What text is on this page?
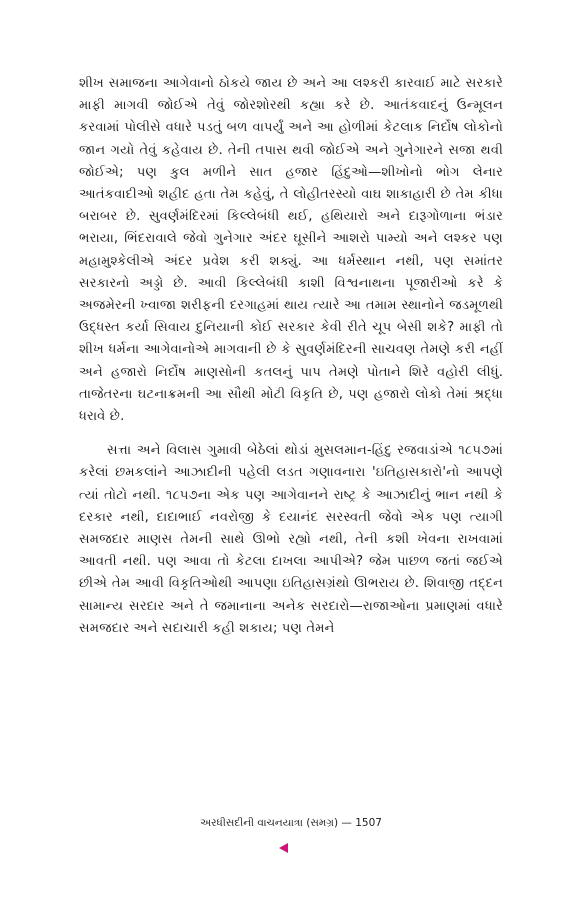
શીખ સમાજના આગેવાનો ઠોકયે જાય છે અને આ લશ્કરી કારવાઈ માટે સરકારે માફી માગવી જોઈએ તેવું જોરશોરથી કહ્યા કરે છે. આતંકવાદનું ઉન્મૂલન કરવામાં પોલીસે વધારે પડતું બળ વાપર્યું અને આ હોળીમાં કેટલાક નિર્દોષ લોકોનો જાન ગયો તેવું કહેવાય છે. તેની તપાસ થવી જોઈએ અને ગુનેગારને સજા થવી જોઈએ; પણ કુલ મળીને સાત હજાર હિંદુઓ—શીખોનો ભોગ લેનાર આતંકવાદીઓ શહીદ હતા તેમ કહેવું, તે લોહીતરસ્યો વાઘ શાકાહારી છે તેમ કીધા બરાબર છે. સુવર્ણમંદિરમાં કિલ્લેબંધી થઈ, હથિયારો અને દારૂગોળાના ભંડાર ભરાયા, ભિંદરાવાલે જેવો ગુનેગાર અંદર ઘૂસીને આશરો પામ્યો અને લશ્કર પણ મહામુશ્કેલીએ અંદર પ્રવેશ કરી શક્યું. આ ધર્મસ્થાન નથી, પણ સમાંતર સરકારનો અડ્ડો છે. આવી કિલ્લેબંધી કાશી વિશ્વનાથના પૂજારીઓ કરે કે અજમેરની ખ્વાજા શરીફની દરગાહમાં થાય ત્યારે આ તમામ સ્થાનોને જડમૂળથી ઉદ્ધસ્ત કર્યા સિવાય દુનિયાની કોઈ સરકાર કેવી રીતે ચૂપ બેસી શકે? માફી તો શીખ ધર્મના આગેવાનોએ માગવાની છે કે સુવર્ણમંદિરની સાચવણ તેમણે કરી નહીં અને હજારો નિર્દોષ માણસોની કતલનું પાપ તેમણે પોતાને શિરે વહોરી લીધું. તાજેતરના ઘટનાક્રમની આ સૌથી મોટી વિકૃતિ છે, પણ હજારો લોકો તેમાં શ્રદ્ધા ધરાવે છે.

સત્તા અને વિલાસ ગુમાવી બેઠેલાં થોડાં મુસલમાન-હિંદુ રજવાડાંએ ૧૮૫૭માં કરેલાં છમકલાંને આઝાદીની પહેલી લડત ગણાવનારા 'ઇતિહાસકારો'નો આપણે ત્યાં તોટો નથી. ૧૮૫૭ના એક પણ આગેવાનને રાષ્ટ્ર કે આઝાદીનું ભાન નથી કે દરકાર નથી, દાદાભાઈ નવરોજી કે દયાનંદ સરસ્વતી જેવો એક પણ ત્યાગી સમજદાર માણસ તેમની સાથે ઊભો રહ્યો નથી, તેની કશી ખેવના રાખવામાં આવતી નથી. પણ આવા તો કેટલા દાખલા આપીએ? જેમ પાછળ જતાં જઈએ છીએ તેમ આવી વિકૃતિઓથી આપણા ઇતિહાસગ્રંથો ઊભરાય છે. શિવાજી તદ્દન સામાન્ય સરદાર અને તે જમાનાના અનેક સરદારો—રાજાઓના પ્રમાણમાં વધારે સમજદાર અને સદાચારી કહી શકાય; પણ તેમને

અરધીસદીની વાચનયાત્રા (સમગ્ર) — 1507
